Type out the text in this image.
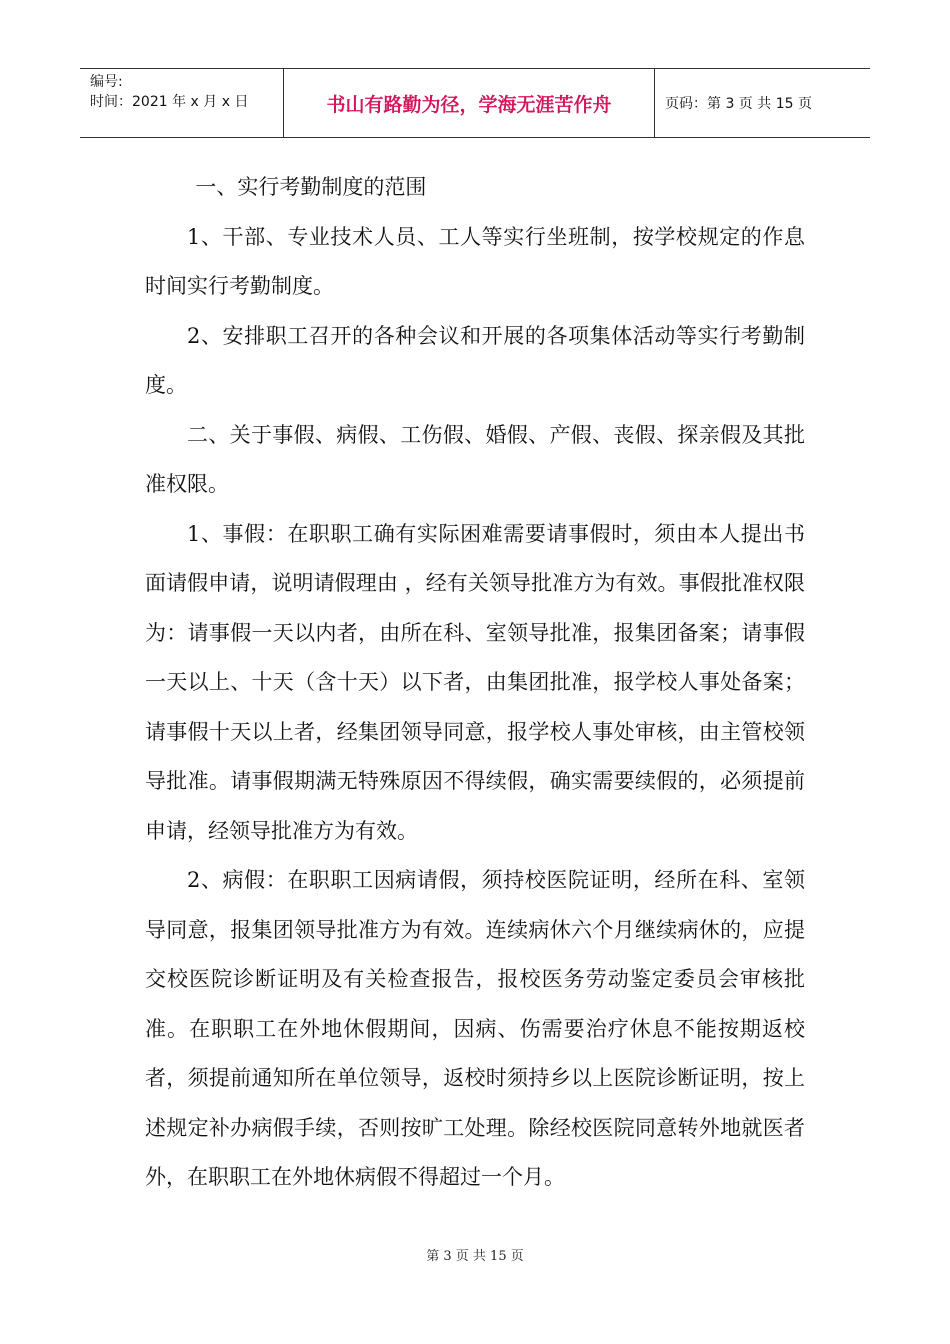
编号:
时间：2021 年 x 月 x 日	书山有路勤为径，学海无涯苦作舟	页码：第 3 页 共 15 页

一、实行考勤制度的范围

1、干部、专业技术人员、工人等实行坐班制，按学校规定的作息时间实行考勤制度。

2、安排职工召开的各种会议和开展的各项集体活动等实行考勤制度。

二、关于事假、病假、工伤假、婚假、产假、丧假、探亲假及其批准权限。

1、事假：在职职工确有实际困难需要请事假时，须由本人提出书面请假申请，说明请假理由 ，经有关领导批准方为有效。事假批准权限为：请事假一天以内者，由所在科、室领导批准，报集团备案；请事假一天以上、十天（含十天）以下者，由集团批准，报学校人事处备案；请事假十天以上者，经集团领导同意，报学校人事处审核，由主管校领导批准。请事假期满无特殊原因不得续假，确实需要续假的，必须提前申请，经领导批准方为有效。

2、病假：在职职工因病请假，须持校医院证明，经所在科、室领导同意，报集团领导批准方为有效。连续病休六个月继续病休的，应提交校医院诊断证明及有关检查报告，报校医务劳动鉴定委员会审核批准。在职职工在外地休假期间，因病、伤需要治疗休息不能按期返校者，须提前通知所在单位领导，返校时须持乡以上医院诊断证明，按上述规定补办病假手续，否则按旷工处理。除经校医院同意转外地就医者外，在职职工在外地休病假不得超过一个月。

第 3 页 共 15 页
